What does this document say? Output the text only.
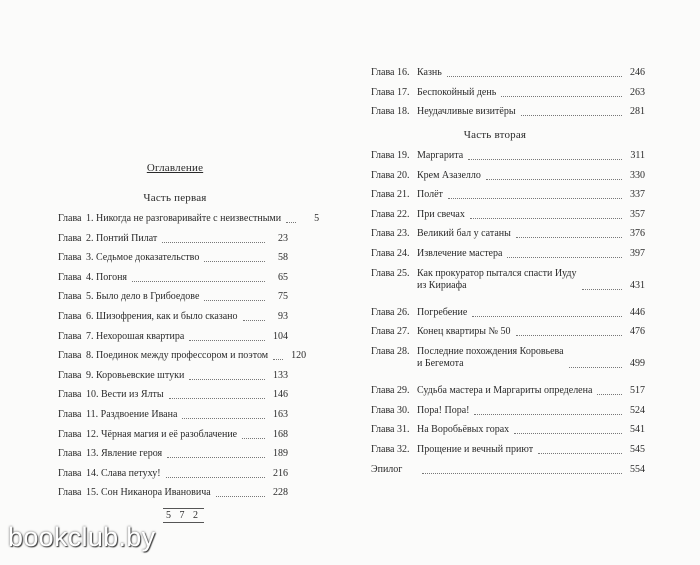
Оглавление
Часть первая
Глава 1. Никогда не разговаривайте с неизвестными	5
Глава 2. Понтий Пилат	23
Глава 3. Седьмое доказательство	58
Глава 4. Погоня	65
Глава 5. Было дело в Грибоедове	75
Глава 6. Шизофрения, как и было сказано	93
Глава 7. Нехорошая квартира	104
Глава 8. Поединок между профессором и поэтом	120
Глава 9. Коровьевские штуки	133
Глава 10. Вести из Ялты	146
Глава 11. Раздвоение Ивана	163
Глава 12. Чёрная магия и её разоблачение	168
Глава 13. Явление героя	189
Глава 14. Слава петуху!	216
Глава 15. Сон Никанора Ивановича	228
5 7 2
Глава 16. Казнь	246
Глава 17. Беспокойный день	263
Глава 18. Неудачливые визитёры	281
Часть вторая
Глава 19. Маргарита	311
Глава 20. Крем Азазелло	330
Глава 21. Полёт	337
Глава 22. При свечах	357
Глава 23. Великий бал у сатаны	376
Глава 24. Извлечение мастера	397
Глава 25. Как прокуратор пытался спасти Иуду
из Кириафа	431
Глава 26. Погребение	446
Глава 27. Конец квартиры № 50	476
Глава 28. Последние похождения Коровьева
и Бегемота	499
Глава 29. Судьба мастера и Маргариты определена	517
Глава 30. Пора! Пора!	524
Глава 31. На Воробьёвых горах	541
Глава 32. Прощение и вечный приют	545
Эпилог	554
bookclub.by
